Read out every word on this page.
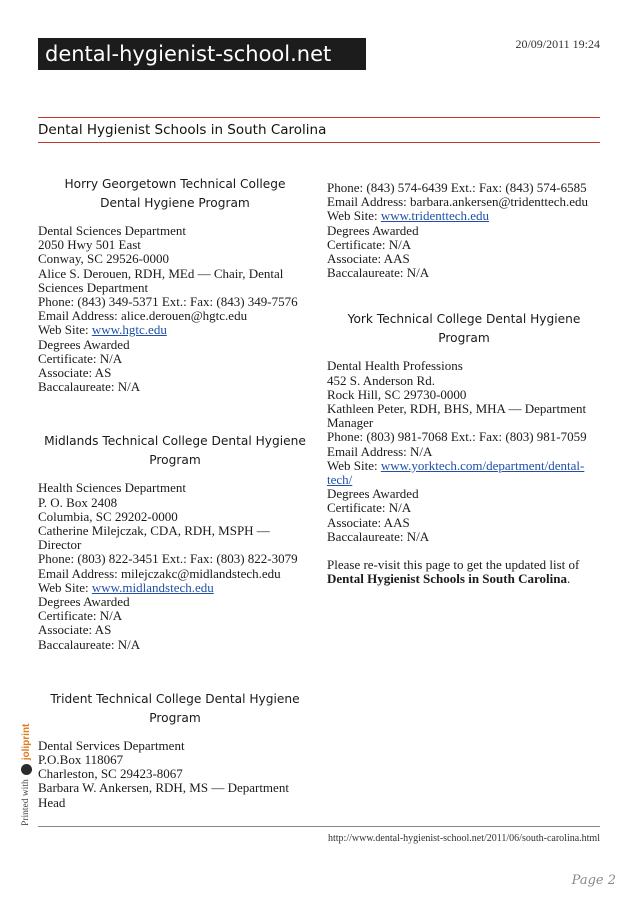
dental-hygienist-school.net	20/09/2011 19:24
Dental Hygienist Schools in South Carolina
Horry Georgetown Technical College Dental Hygiene Program
Dental Sciences Department
2050 Hwy 501 East
Conway, SC 29526-0000
Alice S. Derouen, RDH, MEd — Chair, Dental Sciences Department
Phone: (843) 349-5371 Ext.: Fax: (843) 349-7576
Email Address: alice.derouen@hgtc.edu
Web Site: www.hgtc.edu
Degrees Awarded
Certificate: N/A
Associate: AS
Baccalaureate: N/A
Midlands Technical College Dental Hygiene Program
Health Sciences Department
P. O. Box 2408
Columbia, SC 29202-0000
Catherine Milejczak, CDA, RDH, MSPH — Director
Phone: (803) 822-3451 Ext.: Fax: (803) 822-3079
Email Address: milejczakc@midlandstech.edu
Web Site: www.midlandstech.edu
Degrees Awarded
Certificate: N/A
Associate: AS
Baccalaureate: N/A
Trident Technical College Dental Hygiene Program
Dental Services Department
P.O.Box 118067
Charleston, SC 29423-8067
Barbara W. Ankersen, RDH, MS — Department Head
Phone: (843) 574-6439 Ext.: Fax: (843) 574-6585
Email Address: barbara.ankersen@tridenttech.edu
Web Site: www.tridenttech.edu
Degrees Awarded
Certificate: N/A
Associate: AAS
Baccalaureate: N/A
York Technical College Dental Hygiene Program
Dental Health Professions
452 S. Anderson Rd.
Rock Hill, SC 29730-0000
Kathleen Peter, RDH, BHS, MHA — Department Manager
Phone: (803) 981-7068 Ext.: Fax: (803) 981-7059
Email Address: N/A
Web Site: www.yorktech.com/department/dental-tech/
Degrees Awarded
Certificate: N/A
Associate: AAS
Baccalaureate: N/A

Please re-visit this page to get the updated list of Dental Hygienist Schools in South Carolina.

Printed with
joliprint
http://www.dental-hygienist-school.net/2011/06/south-carolina.html
Page 2
